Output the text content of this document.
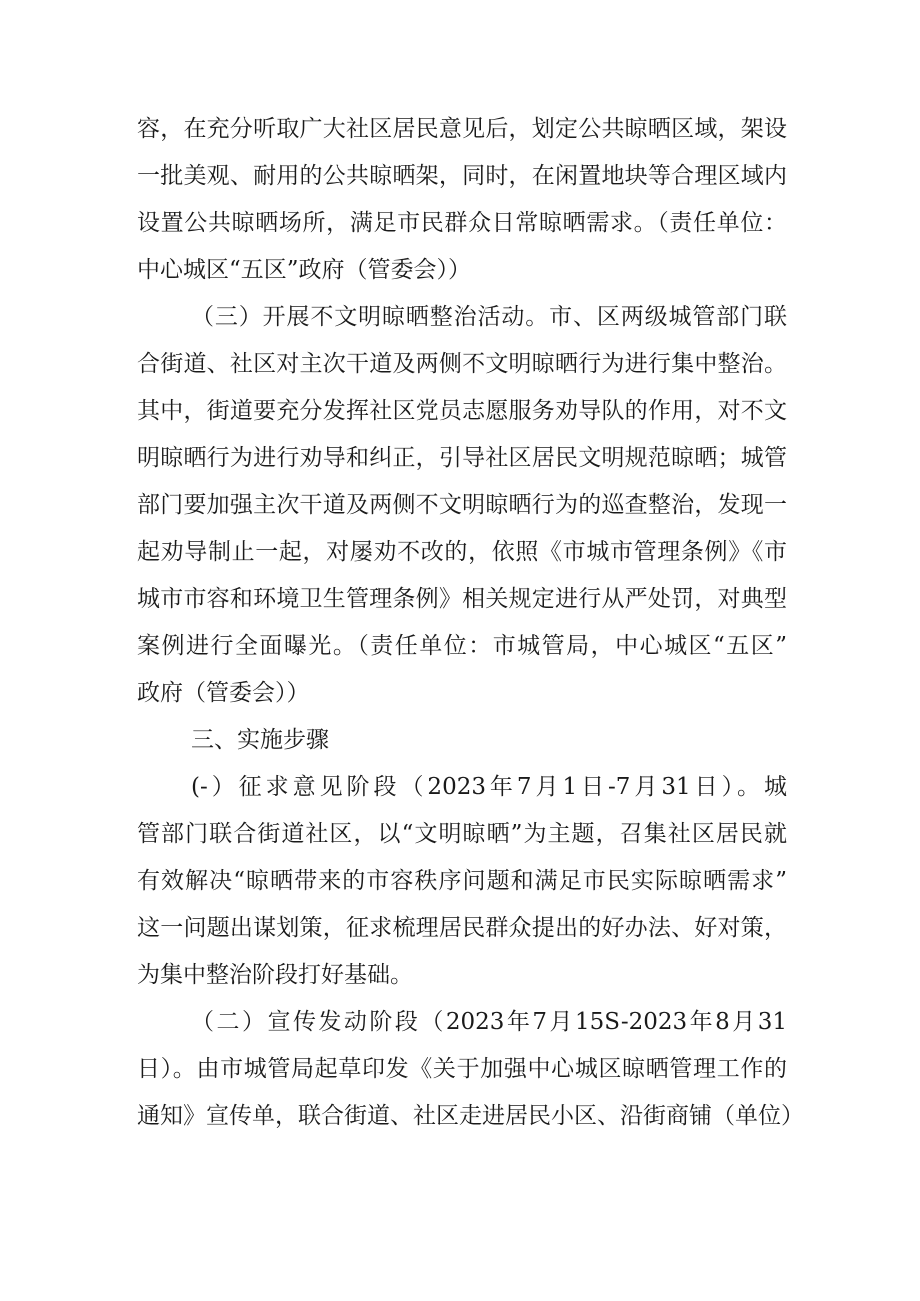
容，在充分听取广大社区居民意见后，划定公共晾晒区域，架设
一批美观、耐用的公共晾晒架，同时，在闲置地块等合理区域内
设置公共晾晒场所，满足市民群众日常晾晒需求。（责任单位：
中心城区“五区”政府（管委会））
（三）开展不文明晾晒整治活动。市、区两级城管部门联
合街道、社区对主次干道及两侧不文明晾晒行为进行集中整治。
其中，街道要充分发挥社区党员志愿服务劝导队的作用，对不文
明晾晒行为进行劝导和纠正，引导社区居民文明规范晾晒；城管
部门要加强主次干道及两侧不文明晾晒行为的巡查整治，发现一
起劝导制止一起，对屡劝不改的，依照《市城市管理条例》《市
城市市容和环境卫生管理条例》相关规定进行从严处罚，对典型
案例进行全面曝光。（责任单位：市城管局，中心城区“五区”
政府（管委会））
三、实施步骤
(-）征求意见阶段（2023年7月1日-7月31日）。城
管部门联合街道社区，以“文明晾晒”为主题，召集社区居民就
有效解决“晾晒带来的市容秩序问题和满足市民实际晾晒需求”
这一问题出谋划策，征求梳理居民群众提出的好办法、好对策，
为集中整治阶段打好基础。
（二）宣传发动阶段（2023年7月15S-2023年8月31
日）。由市城管局起草印发《关于加强中心城区晾晒管理工作的
通知》宣传单，联合街道、社区走进居民小区、沿街商铺（单位）
